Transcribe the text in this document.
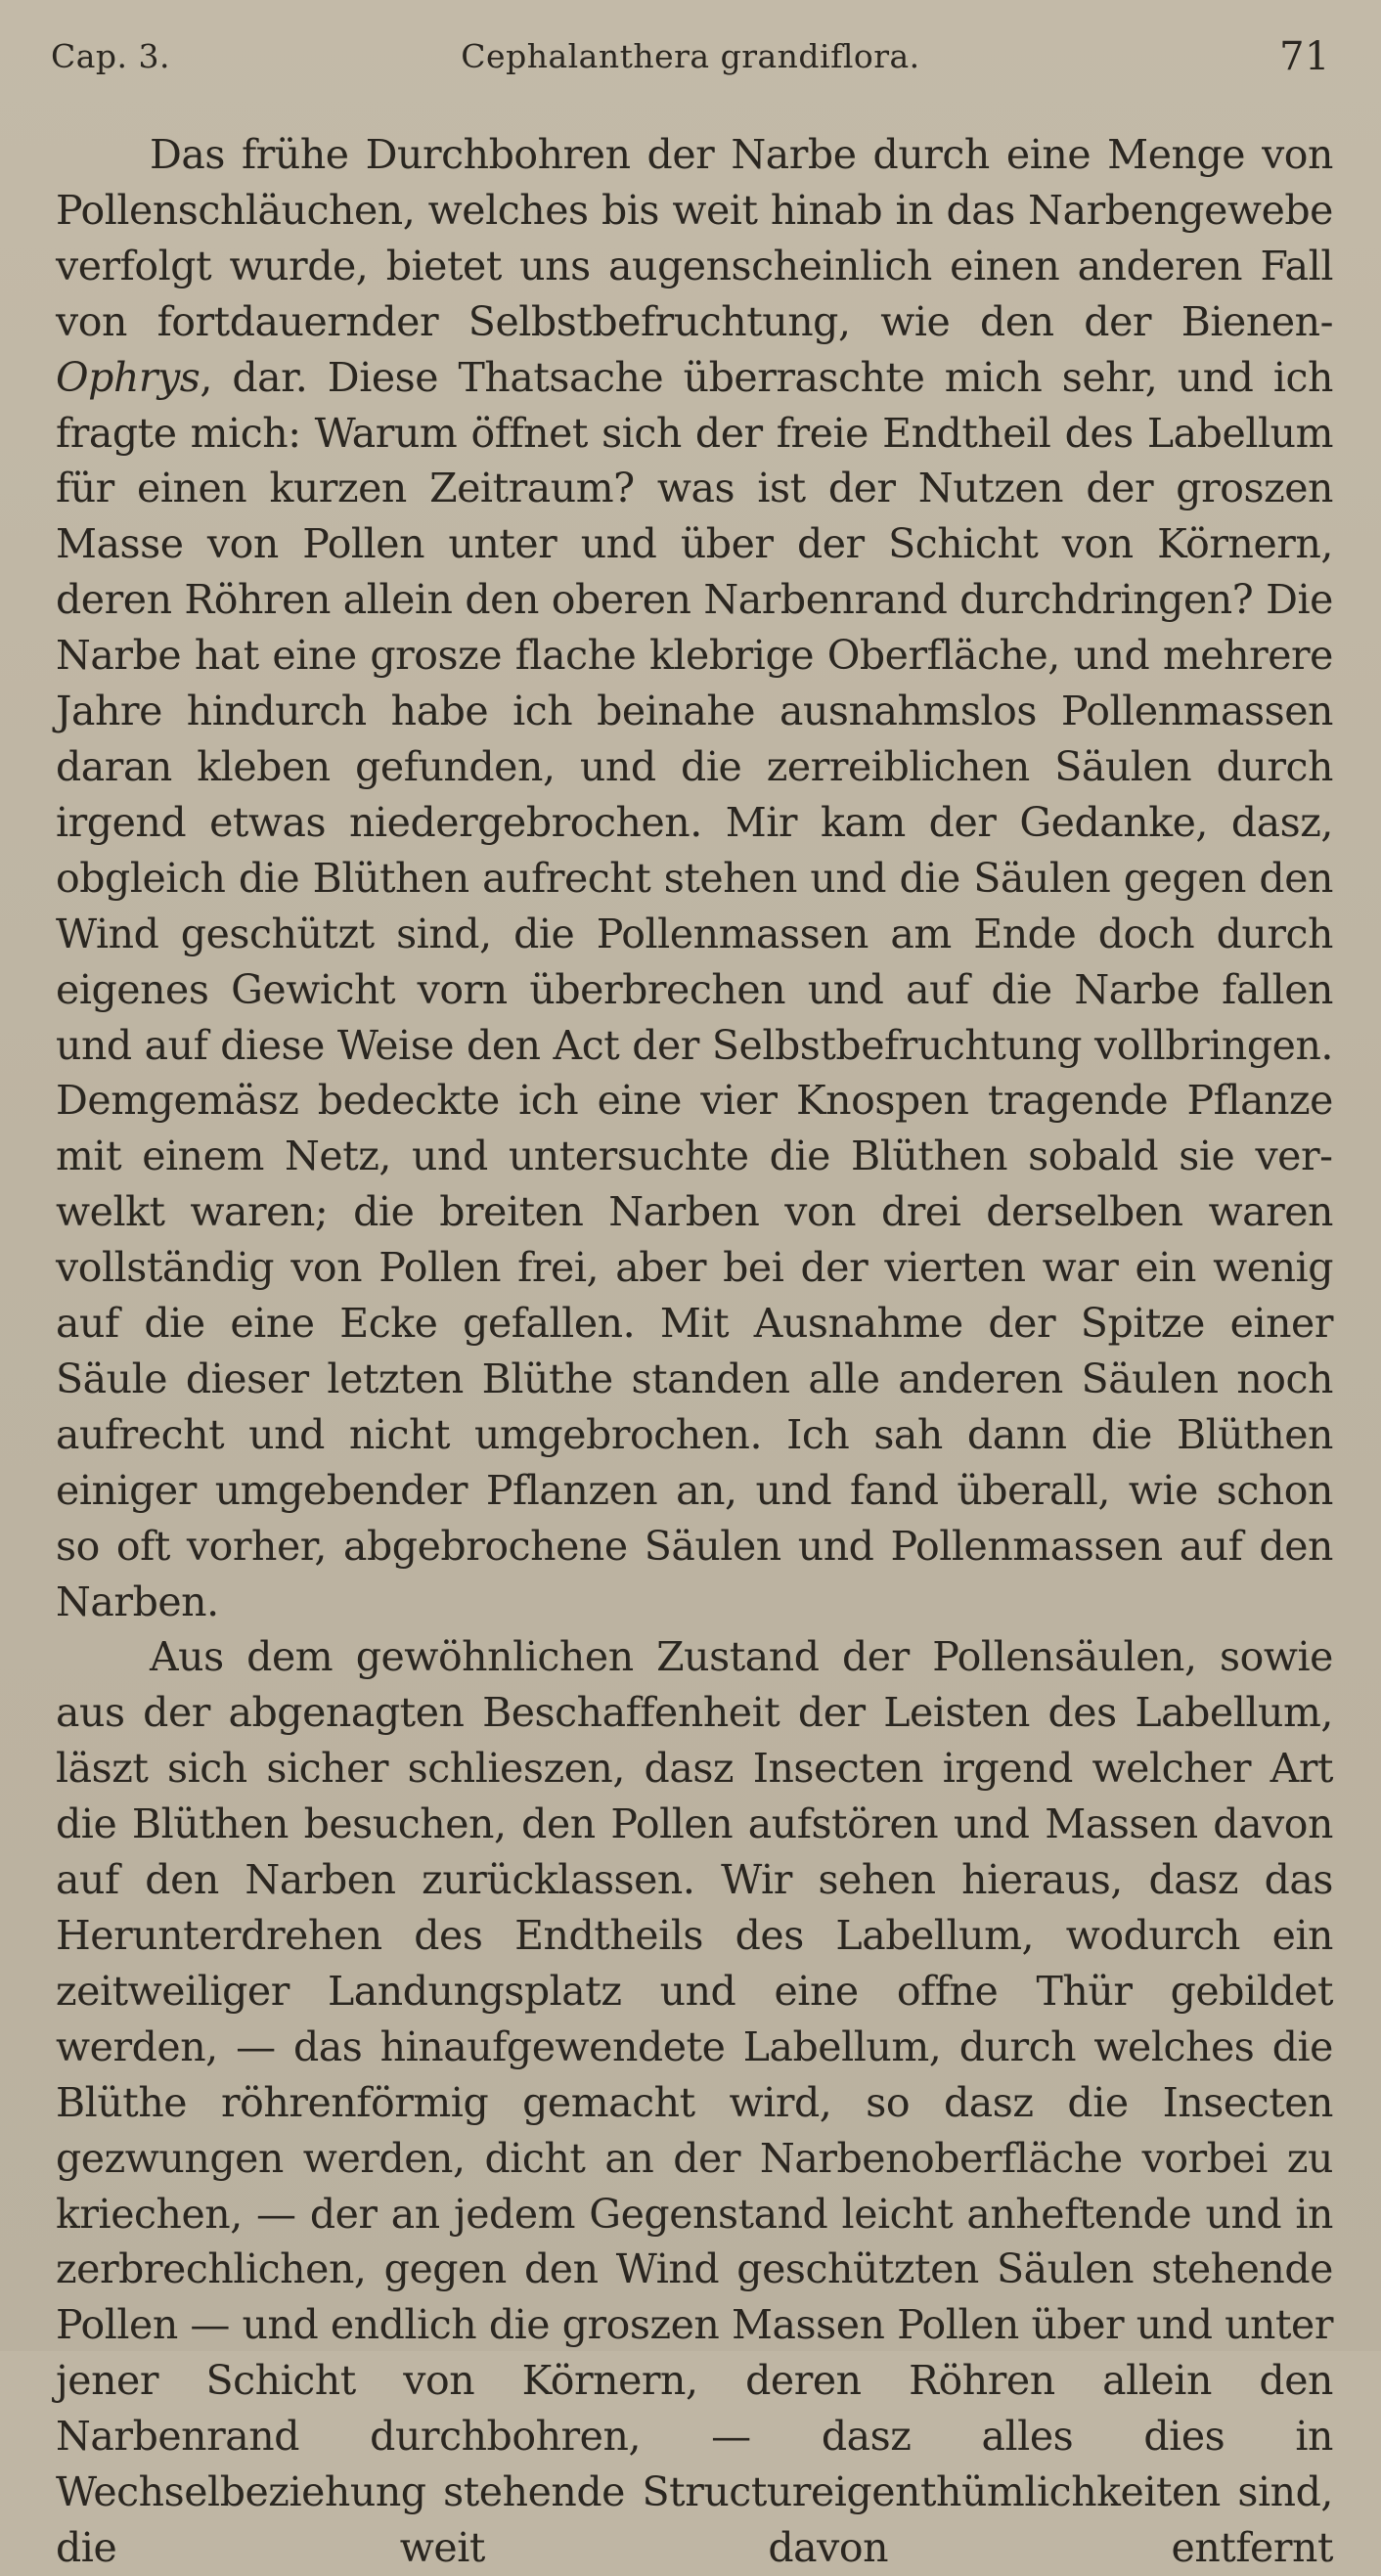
Cap. 3.	Cephalanthera grandiflora.	71

Das frühe Durchbohren der Narbe durch eine Menge von Pollenschläuchen, welches bis weit hinab in das Narbengewebe verfolgt wurde, bietet uns augenscheinlich einen anderen Fall von fortdauernder Selbstbefruchtung, wie den der Bienen-Ophrys, dar. Diese Thatsache überraschte mich sehr, und ich fragte mich: Warum öffnet sich der freie Endtheil des Labellum für einen kurzen Zeitraum? was ist der Nutzen der groszen Masse von Pollen unter und über der Schicht von Körnern, deren Röhren allein den oberen Narbenrand durchdringen? Die Narbe hat eine grosze flache klebrige Oberfläche, und mehrere Jahre hindurch habe ich beinahe ausnahmslos Pollenmassen daran kleben gefunden, und die zerreiblichen Säulen durch irgend etwas niedergebrochen. Mir kam der Gedanke, dasz, obgleich die Blüthen aufrecht stehen und die Säulen gegen den Wind geschützt sind, die Pollenmassen am Ende doch durch eigenes Gewicht vorn überbrechen und auf die Narbe fallen und auf diese Weise den Act der Selbstbefruchtung vollbringen. Demgemäsz bedeckte ich eine vier Knospen tragende Pflanze mit einem Netz, und untersuchte die Blüthen sobald sie verwelkt waren; die breiten Narben von drei derselben waren vollständig von Pollen frei, aber bei der vierten war ein wenig auf die eine Ecke gefallen. Mit Ausnahme der Spitze einer Säule dieser letzten Blüthe standen alle anderen Säulen noch aufrecht und nicht umgebrochen. Ich sah dann die Blüthen einiger umgebender Pflanzen an, und fand überall, wie schon so oft vorher, abgebrochene Säulen und Pollenmassen auf den Narben.

Aus dem gewöhnlichen Zustand der Pollensäulen, sowie aus der abgenagten Beschaffenheit der Leisten des Labellum, läszt sich sicher schlieszen, dasz Insecten irgend welcher Art die Blüthen besuchen, den Pollen aufstören und Massen davon auf den Narben zurücklassen. Wir sehen hieraus, dasz das Herunterdrehen des Endtheils des Labellum, wodurch ein zeitweiliger Landungsplatz und eine offne Thür gebildet werden, — das hinaufgewendete Labellum, durch welches die Blüthe röhrenförmig gemacht wird, so dasz die Insecten gezwungen werden, dicht an der Narbenoberfläche vorbei zu kriechen, — der an jedem Gegenstand leicht anheftende und in zerbrechlichen, gegen den Wind geschützten Säulen stehende Pollen — und endlich die groszen Massen Pollen über und unter jener Schicht von Körnern, deren Röhren allein den Narbenrand durchbohren, — dasz alles dies in Wechselbeziehung stehende Structureigenthümlichkeiten sind, die weit davon entfernt
